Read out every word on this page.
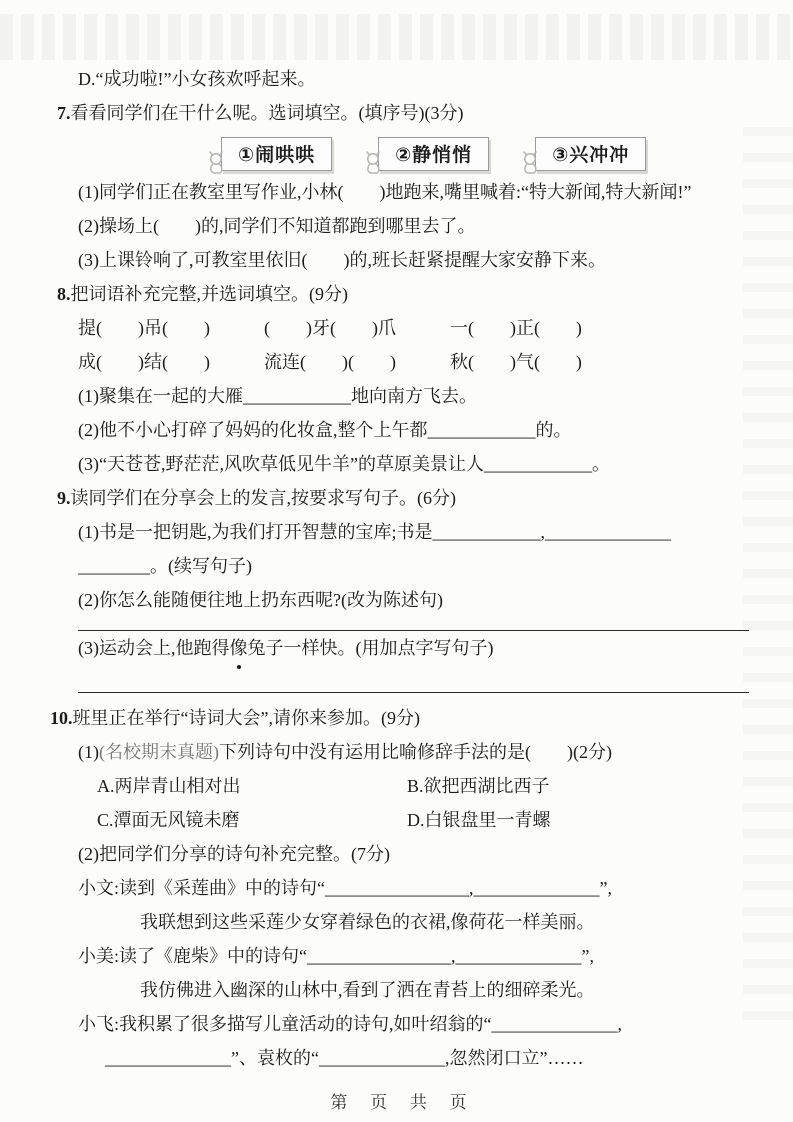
D.“成功啦!”小女孩欢呼起来。
7.看看同学们在干什么呢。选词填空。(填序号)(3分)
①闹哄哄	②静悄悄	③兴冲冲
(1)同学们正在教室里写作业,小林(　　)地跑来,嘴里喊着:“特大新闻,特大新闻!”
(2)操场上(　　)的,同学们不知道都跑到哪里去了。
(3)上课铃响了,可教室里依旧(　　)的,班长赶紧提醒大家安静下来。
8.把词语补充完整,并选词填空。(9分)
提(　　)吊(　　)　　　(　　)牙(　　)爪　　　一(　　)正(　　)
成(　　)结(　　)　　　流连(　　)(　　)　　　秋(　　)气(　　)
(1)聚集在一起的大雁____________地向南方飞去。
(2)他不小心打碎了妈妈的化妆盒,整个上午都____________的。
(3)“天苍苍,野茫茫,风吹草低见牛羊”的草原美景让人____________。
9.读同学们在分享会上的发言,按要求写句子。(6分)
(1)书是一把钥匙,为我们打开智慧的宝库;书是____________,______________
________。(续写句子)
(2)你怎么能随便往地上扔东西呢?(改为陈述句)
(3)运动会上,他跑得像兔子一样快。(用加点字写句子)
10.班里正在举行“诗词大会”,请你来参加。(9分)
(1)(名校期末真题)下列诗句中没有运用比喻修辞手法的是(　　)(2分)
A.两岸青山相对出	B.欲把西湖比西子
C.潭面无风镜未磨	D.白银盘里一青螺
(2)把同学们分享的诗句补充完整。(7分)
小文:读到《采莲曲》中的诗句“________________,______________”,
我联想到这些采莲少女穿着绿色的衣裙,像荷花一样美丽。
小美:读了《鹿柴》中的诗句“________________,______________”,
我仿佛进入幽深的山林中,看到了洒在青苔上的细碎柔光。
小飞:我积累了很多描写儿童活动的诗句,如叶绍翁的“______________,
______________”、袁枚的“______________,忽然闭口立”……
第 页 共 页
